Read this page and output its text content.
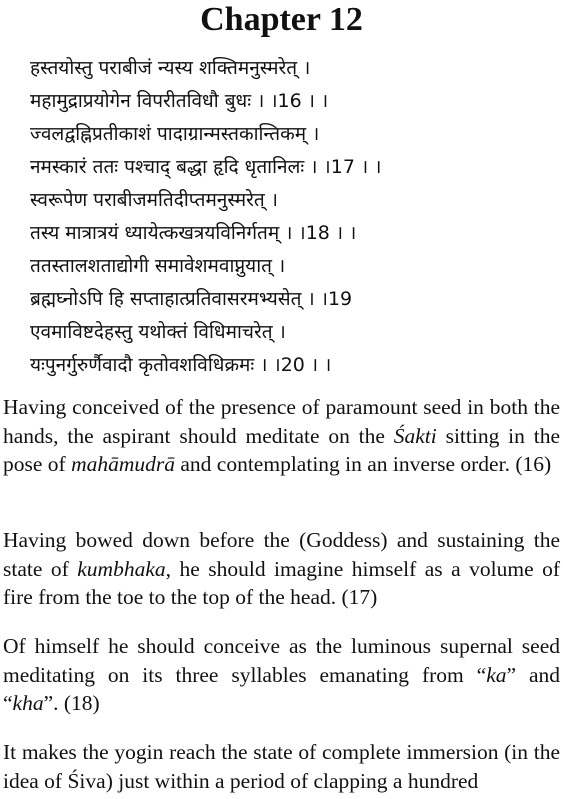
Chapter 12
हस्तयोस्तु पराबीजं न्यस्य शक्तिमनुस्मरेत् ।
महामुद्राप्रयोगेन विपरीतविधौ बुधः । ।16 । ।
ज्वलद्वह्निप्रतीकाशं पादाग्रान्मस्तकान्तिकम् ।
नमस्कारं ततः पश्चाद् बद्धा हृदि धृतानिलः । ।17 । ।
स्वरूपेण पराबीजमतिदीप्तमनुस्मरेत् ।
तस्य मात्रात्रयं ध्यायेत्कखत्रयविनिर्गतम् । ।18 । ।
ततस्तालशताद्योगी समावेशमवाप्नुयात् ।
ब्रह्मघ्नोऽपि हि सप्ताहात्प्रतिवासरमभ्यसेत् । ।19
एवमाविष्टदेहस्तु यथोक्तं विधिमाचरेत् ।
यःपुनर्गुरुर्णैवादौ कृतोवशविधिक्रमः । ।20 । ।

Having conceived of the presence of paramount seed in both the hands, the aspirant should meditate on the Śakti sitting in the pose of mahāmudrā and contemplating in an inverse order. (16)

Having bowed down before the (Goddess) and sustaining the state of kumbhaka, he should imagine himself as a volume of fire from the toe to the top of the head. (17)

Of himself he should conceive as the luminous supernal seed meditating on its three syllables emanating from “ka” and “kha”. (18)

It makes the yogin reach the state of complete immersion (in the idea of Śiva) just within a period of clapping a hundred
